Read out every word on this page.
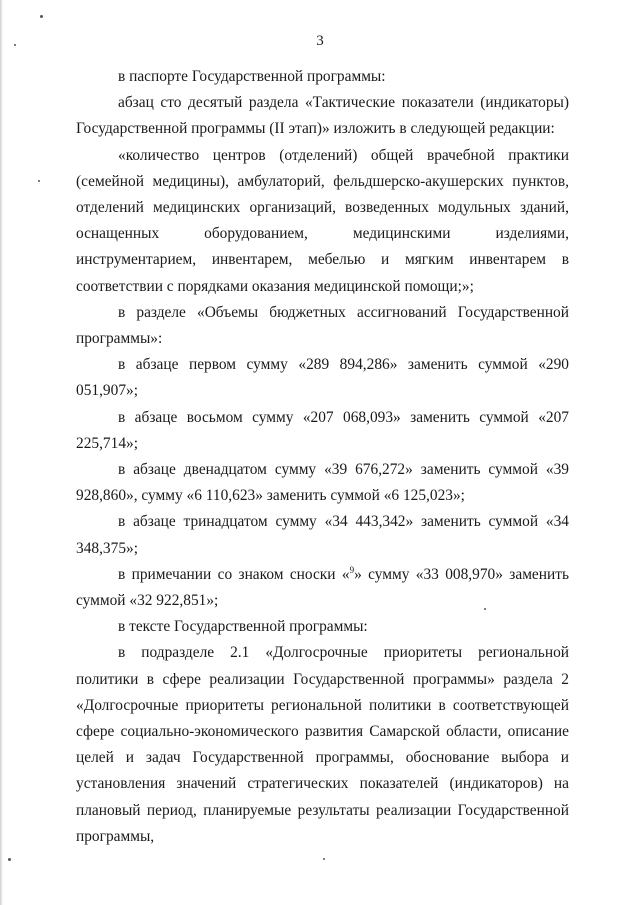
3

в паспорте Государственной программы:

абзац сто десятый раздела «Тактические показатели (индикаторы) Государственной программы (II этап)» изложить в следующей редакции:

«количество центров (отделений) общей врачебной практики (семейной медицины), амбулаторий, фельдшерско-акушерских пунктов, отделений медицинских организаций, возведенных модульных зданий, оснащенных оборудованием, медицинскими изделиями, инструментарием, инвентарем, мебелью и мягким инвентарем в соответствии с порядками оказания медицинской помощи;»;

в разделе «Объемы бюджетных ассигнований Государственной программы»:

в абзаце первом сумму «289 894,286» заменить суммой «290 051,907»;

в абзаце восьмом сумму «207 068,093» заменить суммой «207 225,714»;

в абзаце двенадцатом сумму «39 676,272» заменить суммой «39 928,860», сумму «6 110,623» заменить суммой «6 125,023»;

в абзаце тринадцатом сумму «34 443,342» заменить суммой «34 348,375»;

в примечании со знаком сноски «$^9$» сумму «33 008,970» заменить суммой «32 922,851»;

в тексте Государственной программы:

в подразделе 2.1 «Долгосрочные приоритеты региональной политики в сфере реализации Государственной программы» раздела 2 «Долгосрочные приоритеты региональной политики в соответствующей сфере социально-экономического развития Самарской области, описание целей и задач Государственной программы, обоснование выбора и установления значений стратегических показателей (индикаторов) на плановый период, планируемые результаты реализации Государственной программы,
